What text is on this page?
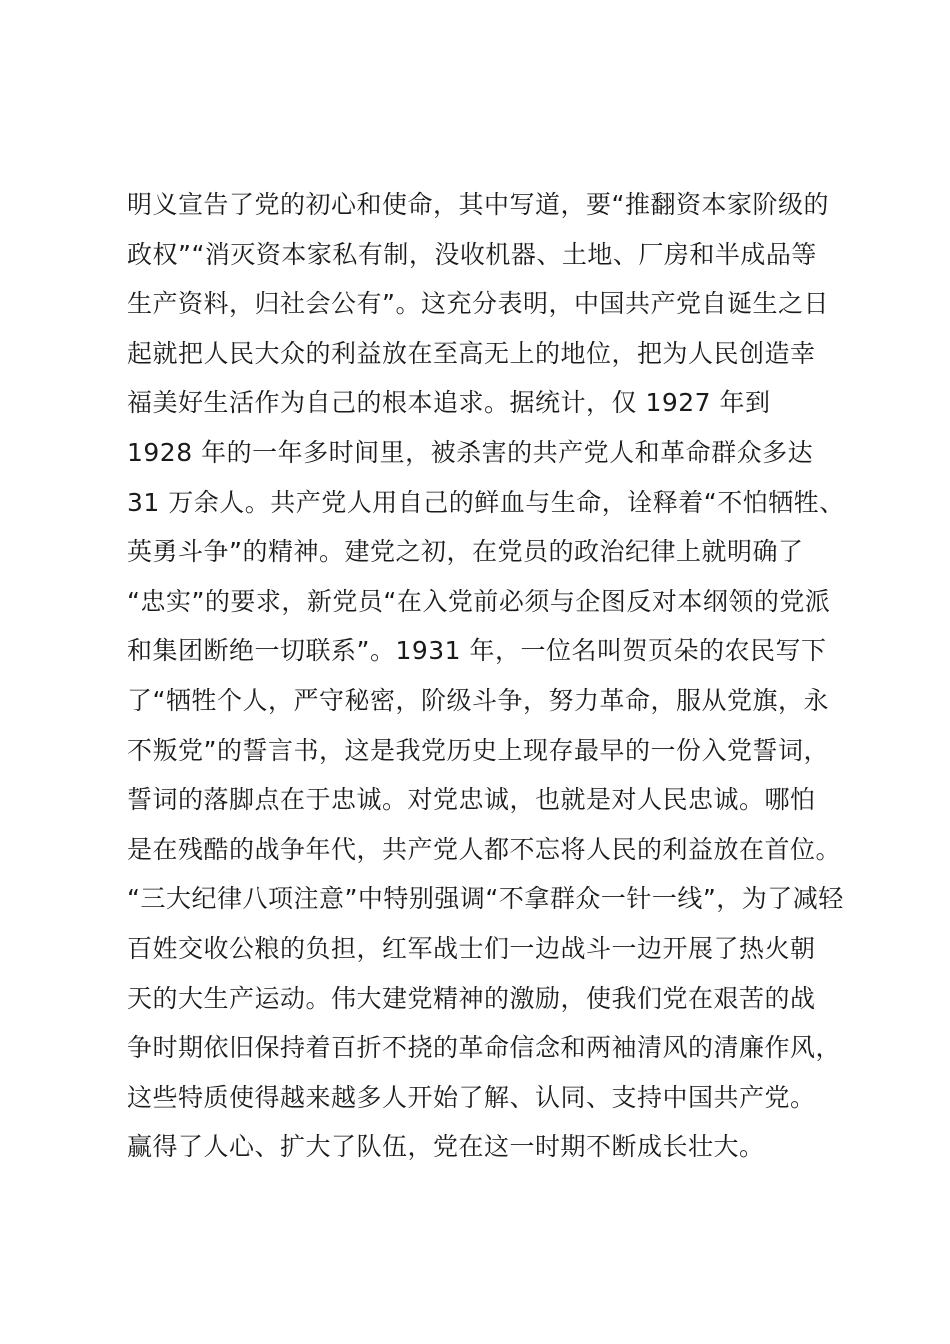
明义宣告了党的初心和使命，其中写道，要“推翻资本家阶级的
政权”“消灭资本家私有制，没收机器、土地、厂房和半成品等
生产资料，归社会公有”。这充分表明，中国共产党自诞生之日
起就把人民大众的利益放在至高无上的地位，把为人民创造幸
福美好生活作为自己的根本追求。据统计，仅 1927 年到
1928 年的一年多时间里，被杀害的共产党人和革命群众多达
31 万余人。共产党人用自己的鲜血与生命，诠释着“不怕牺牲、
英勇斗争”的精神。建党之初，在党员的政治纪律上就明确了
“忠实”的要求，新党员“在入党前必须与企图反对本纲领的党派
和集团断绝一切联系”。1931 年，一位名叫贺页朵的农民写下
了“牺牲个人，严守秘密，阶级斗争，努力革命，服从党旗，永
不叛党”的誓言书，这是我党历史上现存最早的一份入党誓词，
誓词的落脚点在于忠诚。对党忠诚，也就是对人民忠诚。哪怕
是在残酷的战争年代，共产党人都不忘将人民的利益放在首位。
“三大纪律八项注意”中特别强调“不拿群众一针一线”，为了减轻
百姓交收公粮的负担，红军战士们一边战斗一边开展了热火朝
天的大生产运动。伟大建党精神的激励，使我们党在艰苦的战
争时期依旧保持着百折不挠的革命信念和两袖清风的清廉作风，
这些特质使得越来越多人开始了解、认同、支持中国共产党。
赢得了人心、扩大了队伍，党在这一时期不断成长壮大。
